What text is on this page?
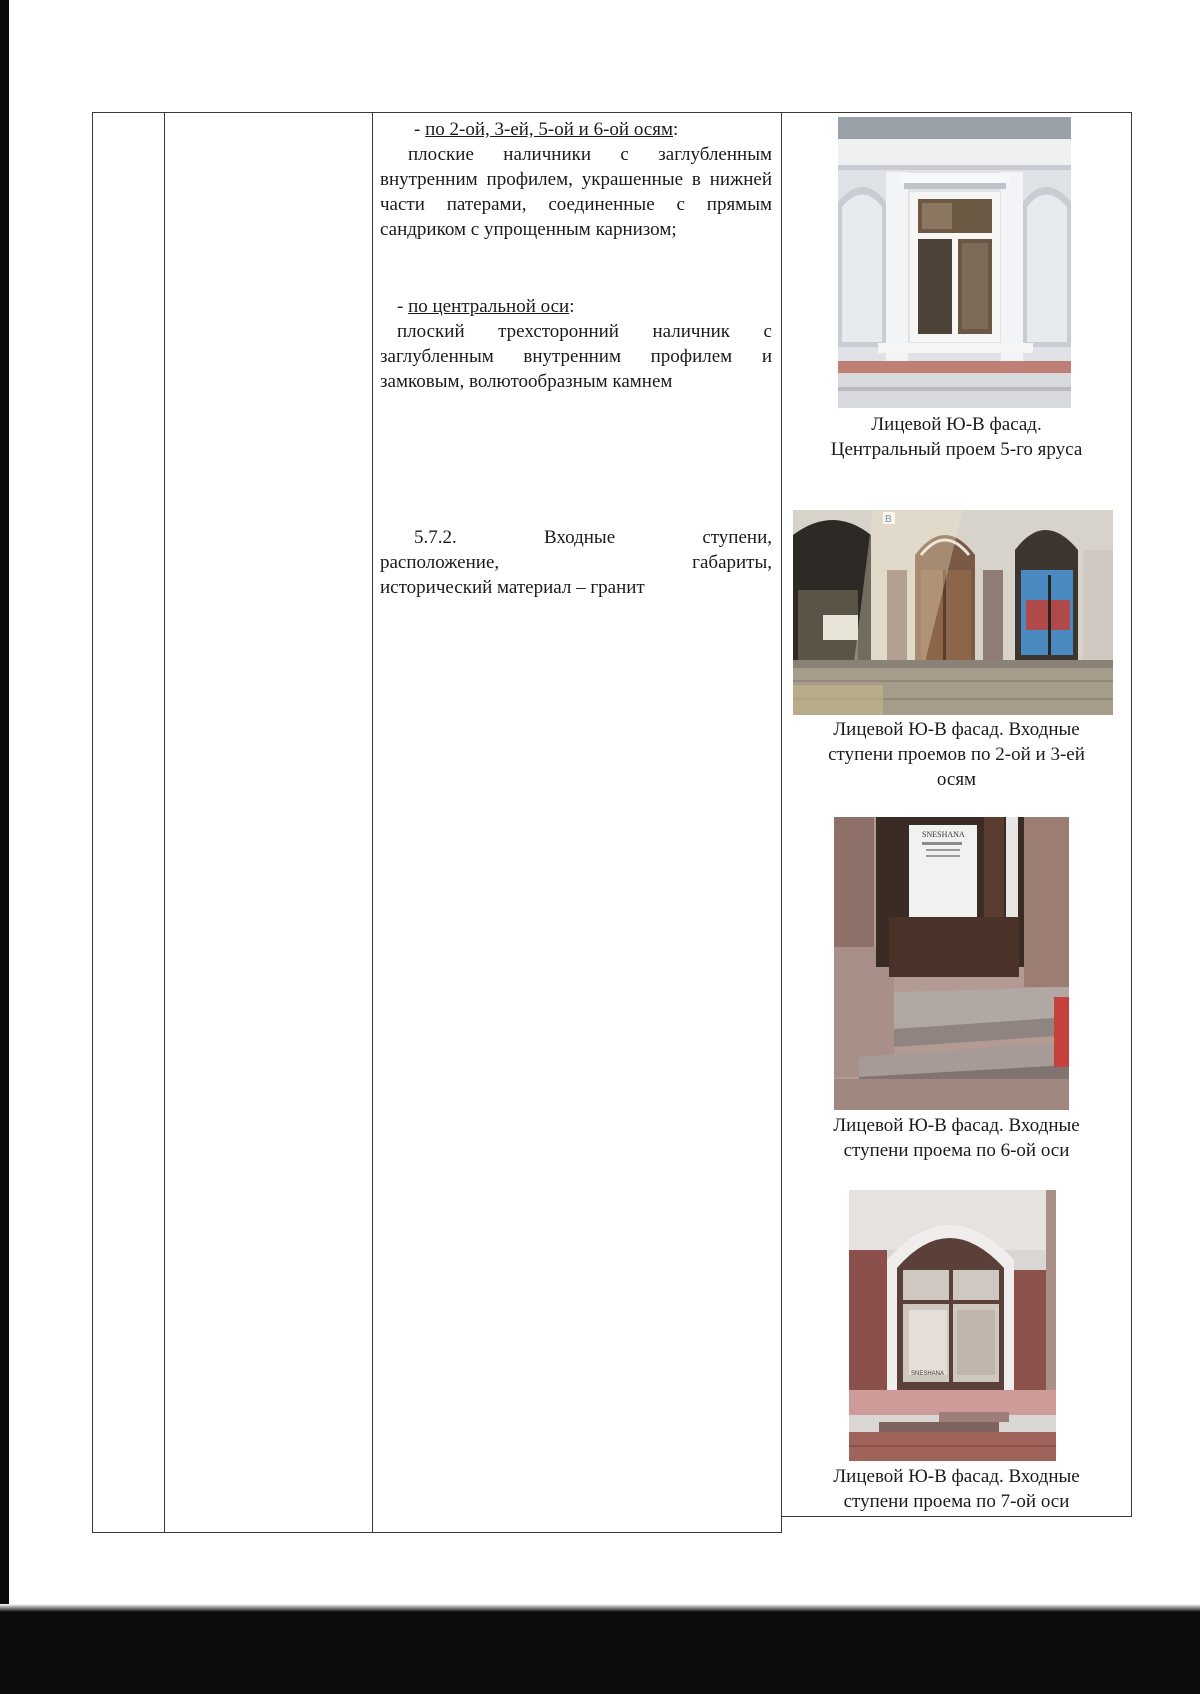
- по 2-ой, 3-ей, 5-ой и 6-ой осям:

плоские наличники с заглубленным внутренним профилем, украшенные в нижней части патерами, соединенные с прямым сандриком с упрощенным карнизом;

- по центральной оси:

плоский трехсторонний наличник с заглубленным внутренним профилем и замковым, волютообразным камнем

5.7.2. Входные ступени,

расположение, габариты,

исторический материал – гранит

Лицевой Ю-В фасад.
Центральный проем 5-го яруса
В
Лицевой Ю-В фасад. Входные
ступени проемов по 2-ой и 3-ей
осям
SNESHANA
Лицевой Ю-В фасад. Входные
ступени проема по 6-ой оси
SNESHANA
Лицевой Ю-В фасад. Входные
ступени проема по 7-ой оси
